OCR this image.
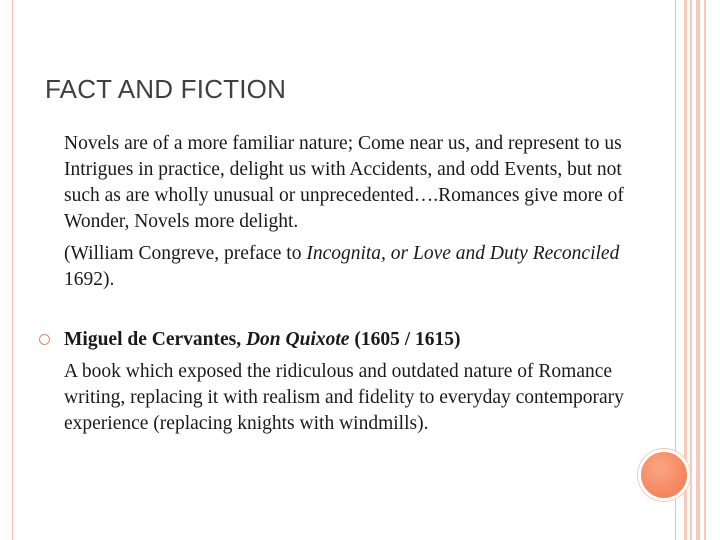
FACT AND FICTION

Novels are of a more familiar nature; Come near us, and represent to us Intrigues in practice, delight us with Accidents, and odd Events, but not such as are wholly unusual or unprecedented….Romances give more of Wonder, Novels more delight.

(William Congreve, preface to Incognita, or Love and Duty Reconciled 1692).

Miguel de Cervantes, Don Quixote (1605 / 1615)

A book which exposed the ridiculous and outdated nature of Romance writing, replacing it with realism and fidelity to everyday contemporary experience (replacing knights with windmills).
